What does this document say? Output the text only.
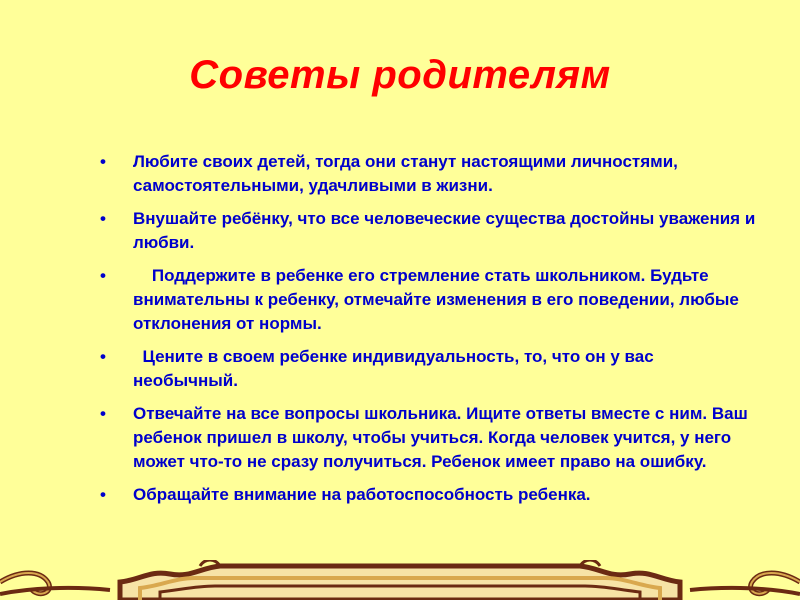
Советы родителям
• Любите своих детей, тогда они станут настоящими личностями, самостоятельными, удачливыми в жизни.
• Внушайте ребёнку, что все человеческие существа достойны уважения и любви.
• Поддержите в ребенке его стремление стать школьником. Будьте внимательны к ребенку, отмечайте изменения в его поведении, любые отклонения от нормы.
• Цените в своем ребенке индивидуальность, то, что он у вас необычный.
• Отвечайте на все вопросы школьника. Ищите ответы вместе с ним. Ваш ребенок пришел в школу, чтобы учиться. Когда человек учится, у него может что-то не сразу получиться. Ребенок имеет право на ошибку.
• Обращайте внимание на работоспособность ребенка.
